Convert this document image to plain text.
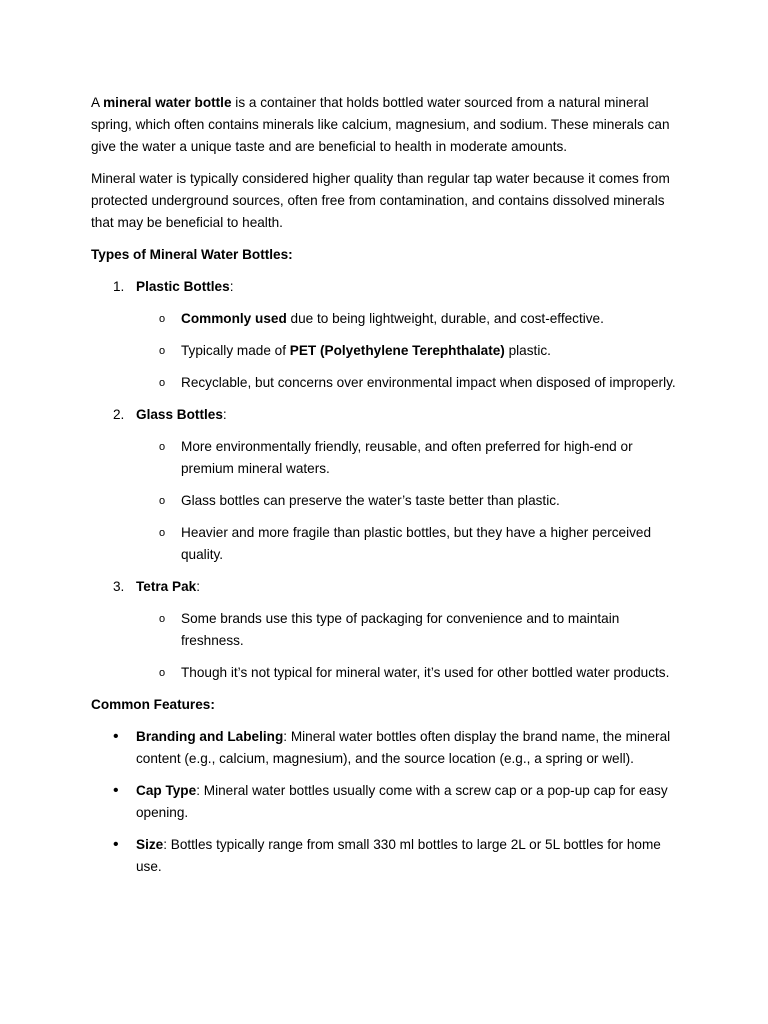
A mineral water bottle is a container that holds bottled water sourced from a natural mineral spring, which often contains minerals like calcium, magnesium, and sodium. These minerals can give the water a unique taste and are beneficial to health in moderate amounts.

Mineral water is typically considered higher quality than regular tap water because it comes from protected underground sources, often free from contamination, and contains dissolved minerals that may be beneficial to health.

Types of Mineral Water Bottles:
1. Plastic Bottles:
o Commonly used due to being lightweight, durable, and cost-effective.
o Typically made of PET (Polyethylene Terephthalate) plastic.
o Recyclable, but concerns over environmental impact when disposed of improperly.
2. Glass Bottles:
o More environmentally friendly, reusable, and often preferred for high-end or premium mineral waters.
o Glass bottles can preserve the water’s taste better than plastic.
o Heavier and more fragile than plastic bottles, but they have a higher perceived quality.
3. Tetra Pak:
o Some brands use this type of packaging for convenience and to maintain freshness.
o Though it’s not typical for mineral water, it’s used for other bottled water products.
Common Features:
• Branding and Labeling: Mineral water bottles often display the brand name, the mineral content (e.g., calcium, magnesium), and the source location (e.g., a spring or well).
• Cap Type: Mineral water bottles usually come with a screw cap or a pop-up cap for easy opening.
• Size: Bottles typically range from small 330 ml bottles to large 2L or 5L bottles for home use.
